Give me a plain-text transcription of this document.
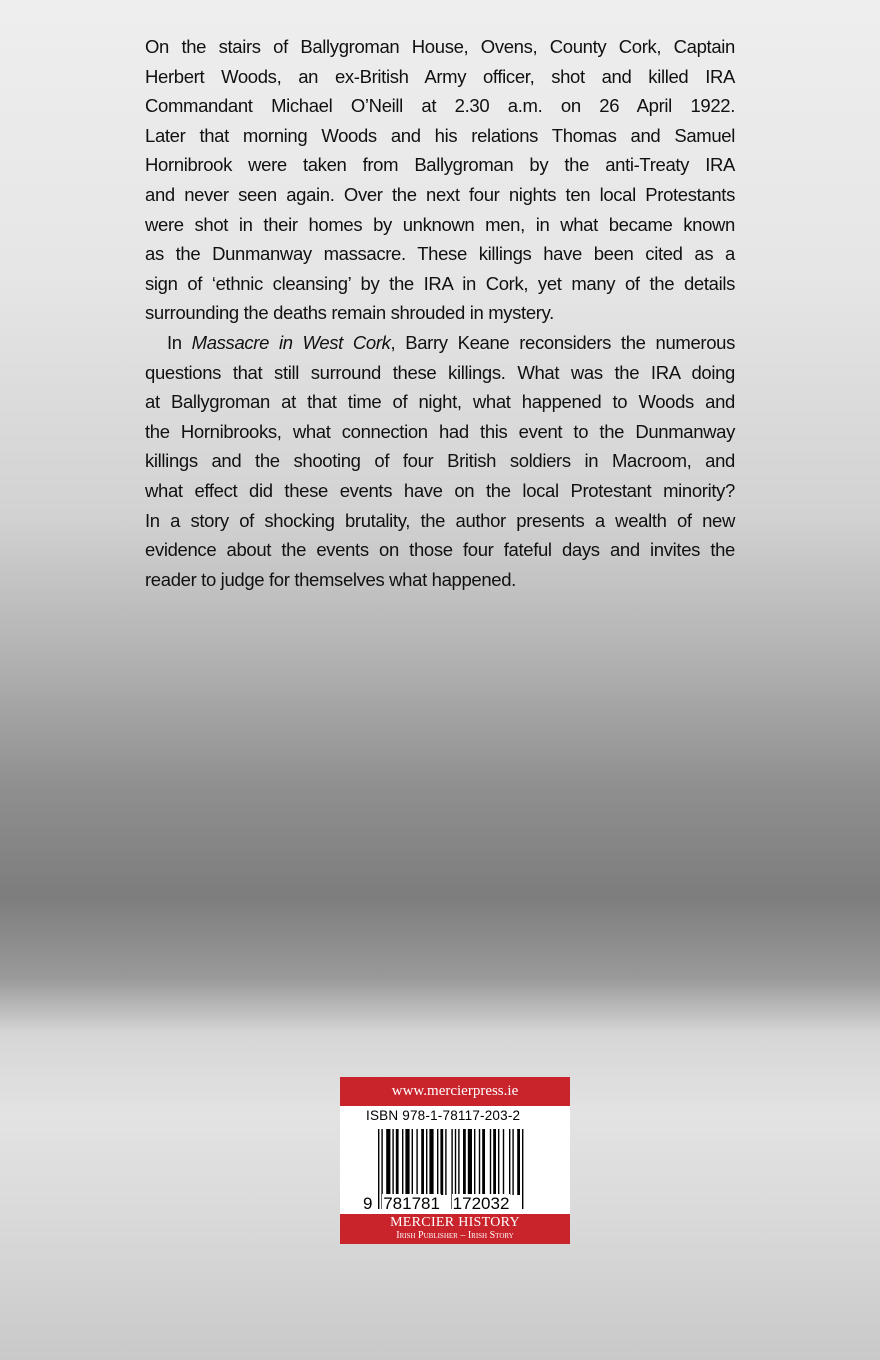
On the stairs of Ballygroman House, Ovens, County Cork, Captain
Herbert Woods, an ex-British Army officer, shot and killed IRA
Commandant Michael O’Neill at 2.30 a.m. on 26 April 1922.
Later that morning Woods and his relations Thomas and Samuel
Hornibrook were taken from Ballygroman by the anti-Treaty IRA
and never seen again. Over the next four nights ten local Protestants
were shot in their homes by unknown men, in what became known
as the Dunmanway massacre. These killings have been cited as a
sign of ‘ethnic cleansing’ by the IRA in Cork, yet many of the details
surrounding the deaths remain shrouded in mystery.
In Massacre in West Cork, Barry Keane reconsiders the numerous
questions that still surround these killings. What was the IRA doing
at Ballygroman at that time of night, what happened to Woods and
the Hornibrooks, what connection had this event to the Dunmanway
killings and the shooting of four British soldiers in Macroom, and
what effect did these events have on the local Protestant minority?
In a story of shocking brutality, the author presents a wealth of new
evidence about the events on those four fateful days and invites the
reader to judge for themselves what happened.
www.mercierpress.ie
ISBN 978-1-78117-203-2
9 781781 172032
MERCIER HISTORY
Irish Publisher – Irish Story
